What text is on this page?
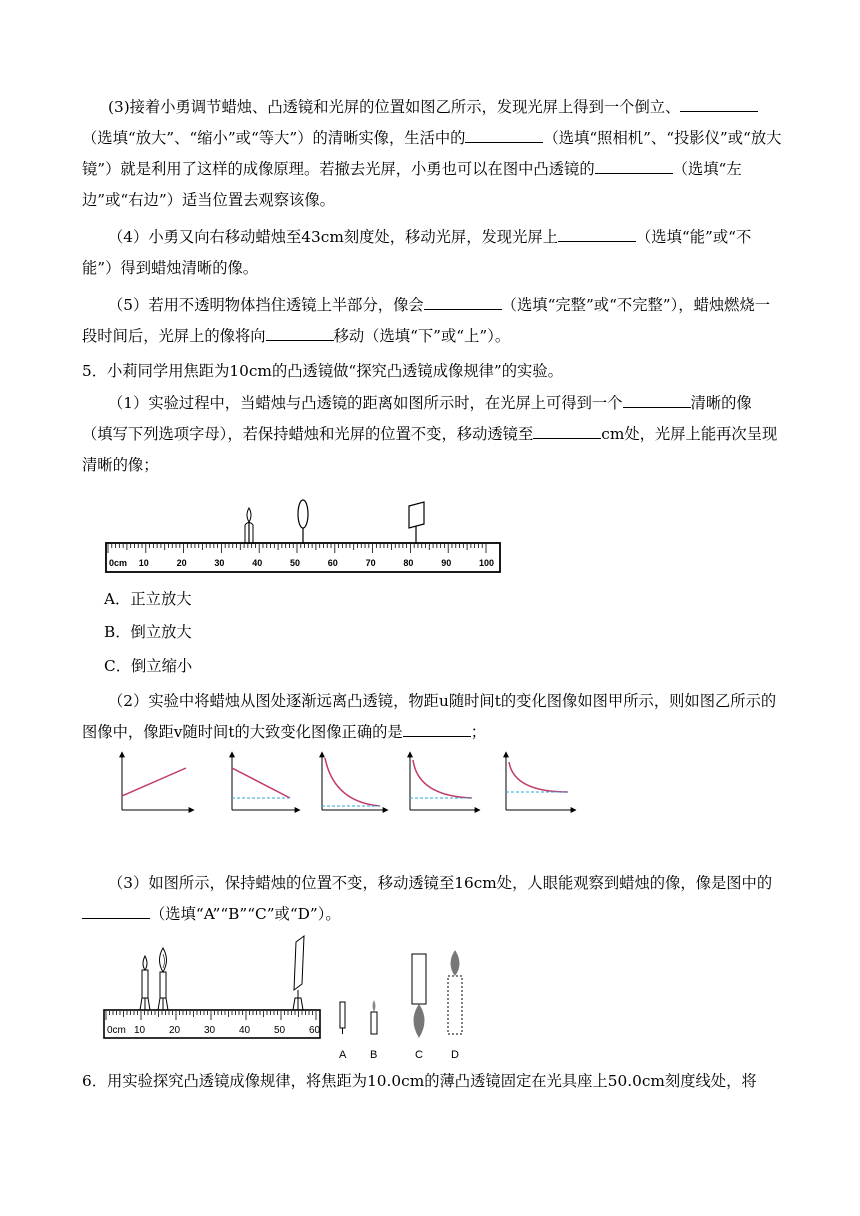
(3)接着小勇调节蜡烛、凸透镜和光屏的位置如图乙所示，发现光屏上得到一个倒立、（选填“放大”、“缩小”或“等大”）的清晰实像，生活中的	（选填“照相机”、“投影仪”或“放大镜”）就是利用了这样的成像原理。若撤去光屏，小勇也可以在图中凸透镜的	（选填“左边”或“右边”）适当位置去观察该像。
（4）小勇又向右移动蜡烛至43cm刻度处，移动光屏，发现光屏上	（选填“能”或“不能”）得到蜡烛清晰的像。
（5）若用不透明物体挡住透镜上半部分，像会	（选填“完整”或“不完整”），蜡烛燃烧一段时间后，光屏上的像将向	移动（选填“下”或“上”）。
5．小莉同学用焦距为10cm的凸透镜做“探究凸透镜成像规律”的实验。
（1）实验过程中，当蜡烛与凸透镜的距离如图所示时，在光屏上可得到一个	清晰的像（填写下列选项字母），若保持蜡烛和光屏的位置不变，移动透镜至	cm处，光屏上能再次呈现清晰的像；
0cm 10	20	30	40	50	60	70	80	90	100
A．正立放大
B．倒立放大
C．倒立缩小
（2）实验中将蜡烛从图处逐渐远离凸透镜，物距u随时间t的变化图像如图甲所示，则如图乙所示的图像中，像距v随时间t的大致变化图像正确的是	；
（3）如图所示，保持蜡烛的位置不变，移动透镜至16cm处，人眼能观察到蜡烛的像，像是图中的（选填“A”“B”“C”或“D”）。
0cm 10 20 30 40 50 60
A B	C	D
6．用实验探究凸透镜成像规律，将焦距为10.0cm的薄凸透镜固定在光具座上50.0cm刻度线处，将
